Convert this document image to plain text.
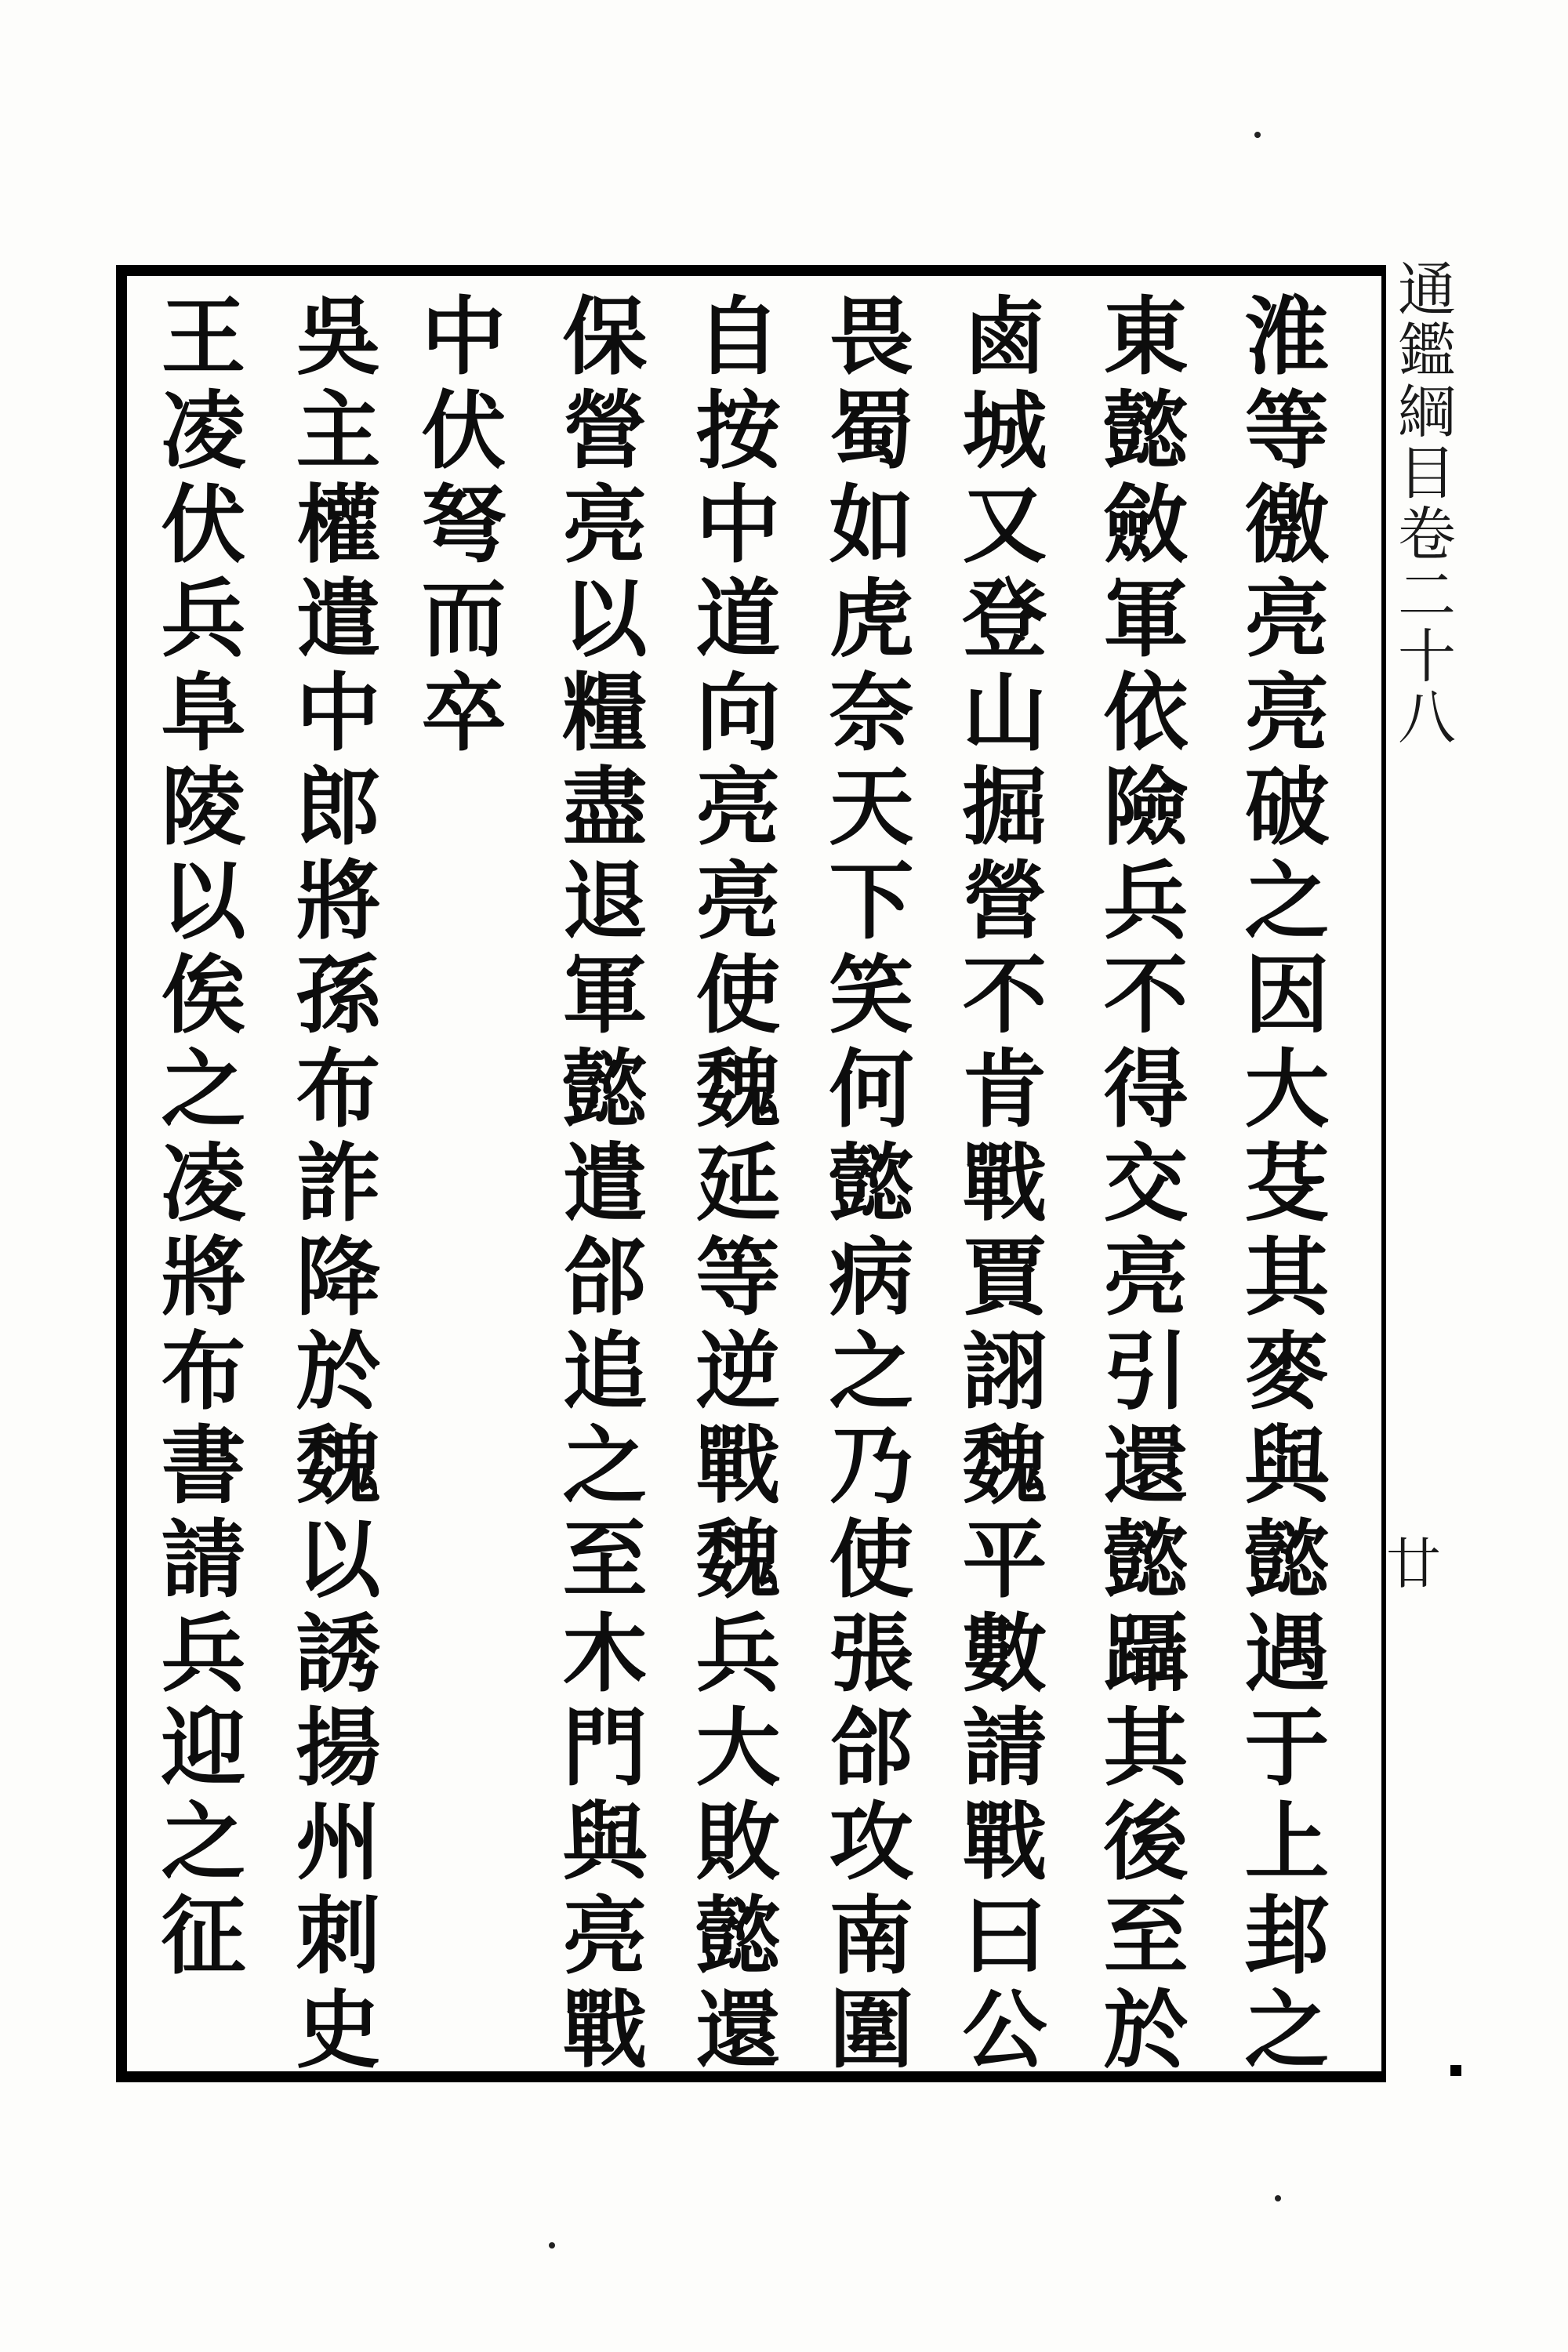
通鑑綱目卷二十八
廿
淮等徼亮亮破之因大芟其麥與懿遇于上邽之
東懿斂軍依險兵不得交亮引還懿躡其後至於
鹵城又登山掘營不肯戰賈詡魏平數請戰曰公
畏蜀如虎奈天下笑何懿病之乃使張郃攻南圍
自按中道向亮亮使魏延等逆戰魏兵大敗懿還
保營亮以糧盡退軍懿遣郃追之至木門與亮戰
中伏弩而卒
吳主權遣中郎將孫布詐降於魏以誘揚州刺史
王凌伏兵阜陵以俟之凌將布書請兵迎之征
